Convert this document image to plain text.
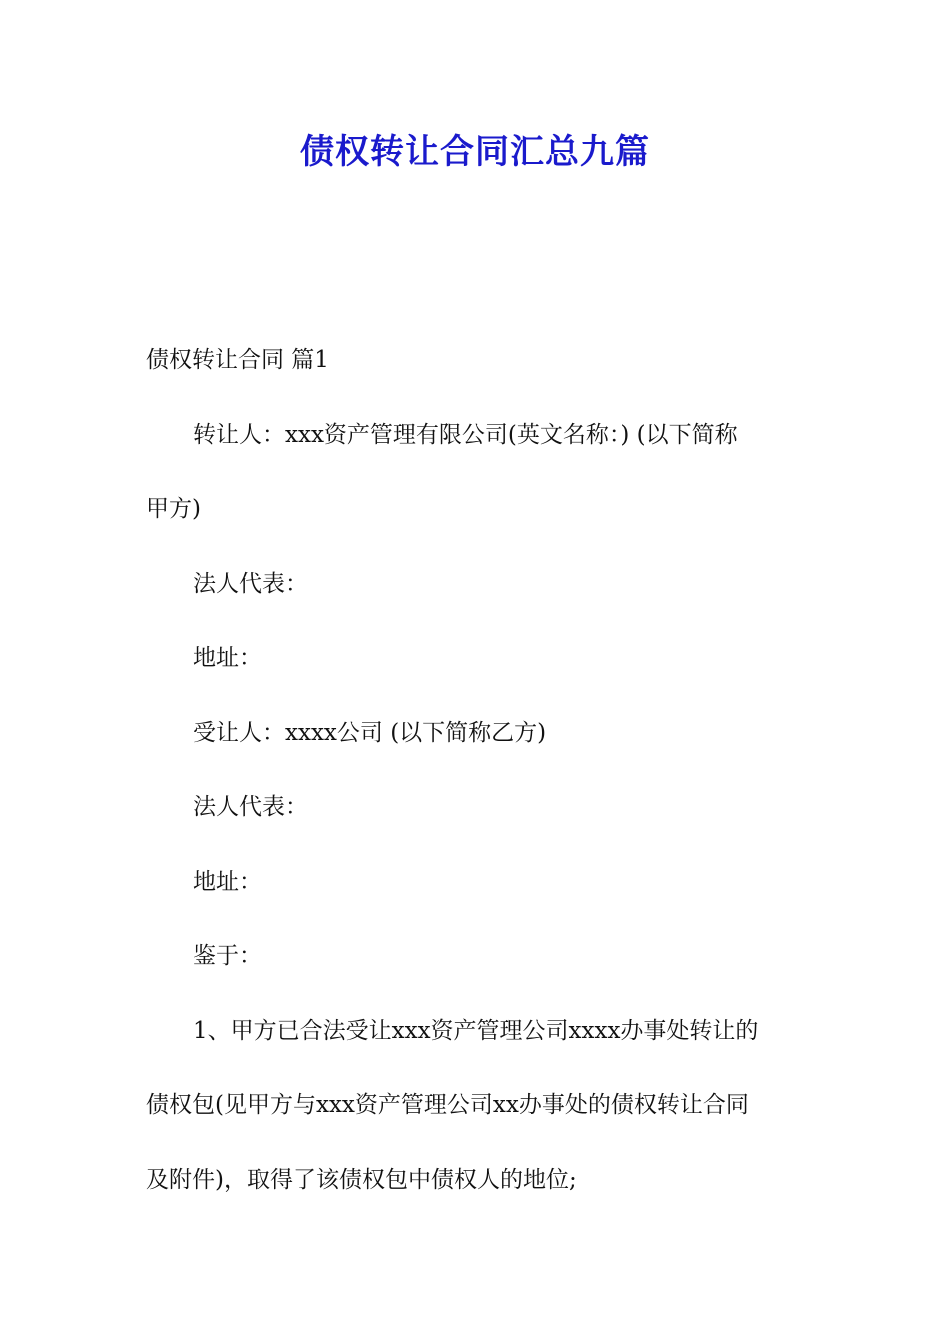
债权转让合同汇总九篇
债权转让合同 篇1
转让人：xxx资产管理有限公司(英文名称：) (以下简称
甲方)
法人代表：
地址：
受让人：xxxx公司 (以下简称乙方)
法人代表：
地址：
鉴于：
1、甲方已合法受让xxx资产管理公司xxxx办事处转让的
债权包(见甲方与xxx资产管理公司xx办事处的债权转让合同
及附件)，取得了该债权包中债权人的地位;
